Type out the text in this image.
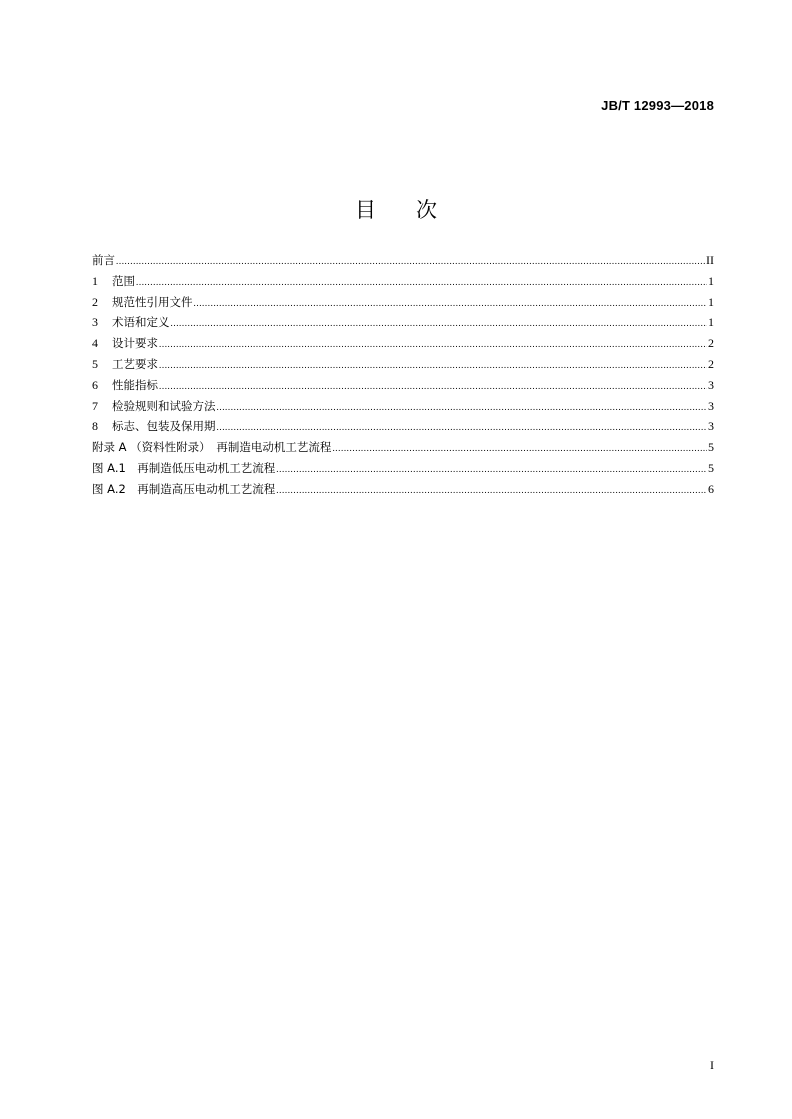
JB/T 12993—2018
目 次
前言 .....	II
1	范围 .....	1
2	规范性引用文件 .....	1
3	术语和定义 .....	1
4	设计要求 .....	2
5	工艺要求 .....	2
6	性能指标 .....	3
7	检验规则和试验方法 .....	3
8	标志、包装及保用期 .....	3
附录 A （资料性附录）　再制造电动机工艺流程 .....	5
图 A.1　再制造低压电动机工艺流程 .....	5
图 A.2　再制造高压电动机工艺流程 .....	6
I
